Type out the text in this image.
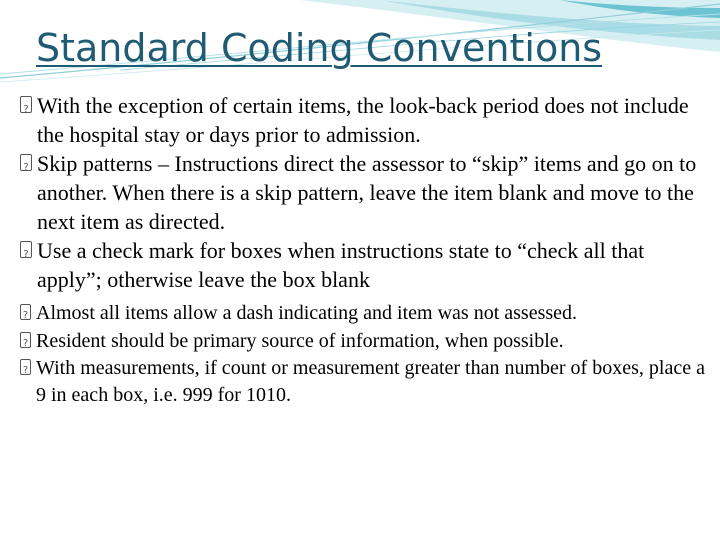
Standard Coding Conventions
?
With the exception of certain items, the look-back period does not include the hospital stay or days prior to admission.
?
Skip patterns – Instructions direct the assessor to “skip” items and go on to another. When there is a skip pattern, leave the item blank and move to the next item as directed.
?
Use a check mark for boxes when instructions state to “check all that apply”; otherwise leave the box blank
?
Almost all items allow a dash indicating and item was not assessed.
?
Resident should be primary source of information, when possible.
?
With measurements, if count or measurement greater than number of boxes, place a 9 in each box, i.e. 999 for 1010.
